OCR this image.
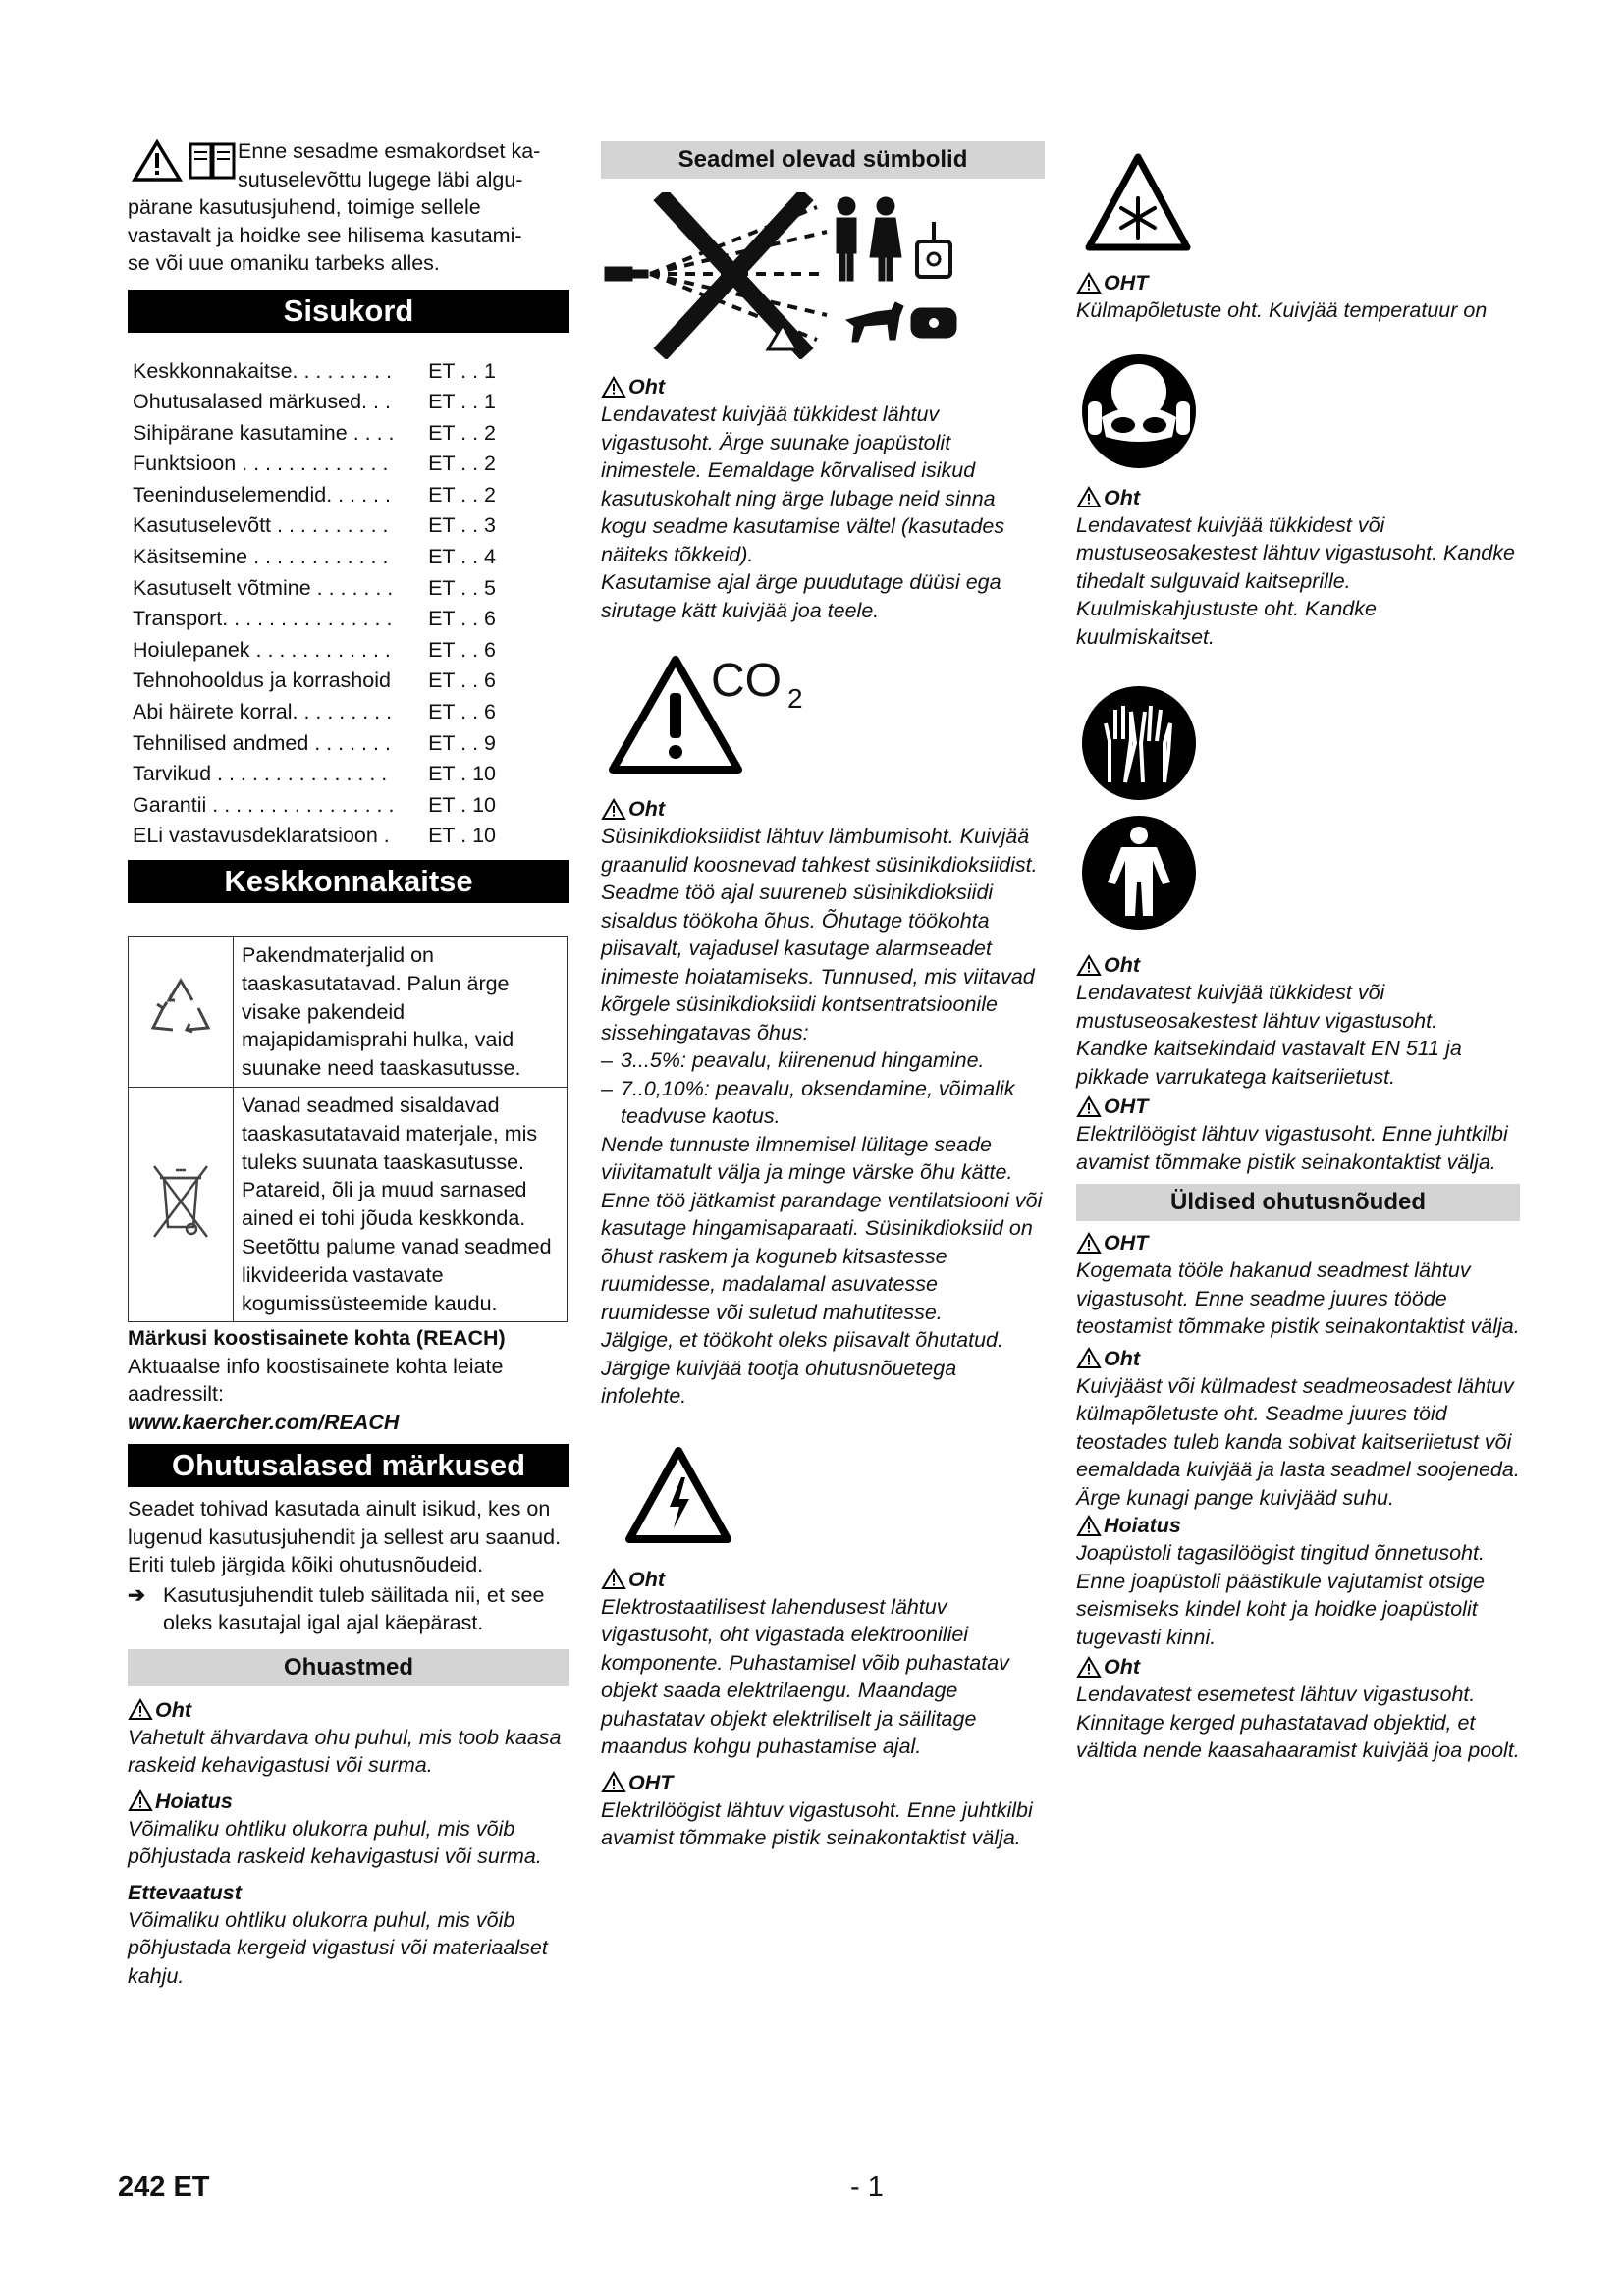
Enne sesadme esmakordset ka-

sutuselevõttu lugege läbi algu-

pärane kasutusjuhend, toimige sellele

vastavalt ja hoidke see hilisema kasutami-

se või uue omaniku tarbeks alles.

Sisukord
Keskkonnakaitse. . . . . . . . .	ET . . 1
Ohutusalased märkused. . .	ET . . 1
Sihipärane kasutamine . . . .	ET . . 2
Funktsioon . . . . . . . . . . . . .	ET . . 2
Teeninduselemendid. . . . . .	ET . . 2
Kasutuselevõtt . . . . . . . . . .	ET . . 3
Käsitsemine . . . . . . . . . . . .	ET . . 4
Kasutuselt võtmine . . . . . . .	ET . . 5
Transport. . . . . . . . . . . . . . .	ET . . 6
Hoiulepanek . . . . . . . . . . . .	ET . . 6
Tehnohooldus ja korrashoid	ET . . 6
Abi häirete korral. . . . . . . . .	ET . . 6
Tehnilised andmed . . . . . . .	ET . . 9
Tarvikud . . . . . . . . . . . . . . .	ET . 10
Garantii . . . . . . . . . . . . . . . .	ET . 10
ELi vastavusdeklaratsioon .	ET . 10
Keskkonnakaitse
	Pakendmaterjalid on taaskasutatavad. Palun ärge visake pakendeid majapidamisprahi hulka, vaid suunake need taaskasutusse.
	Vanad seadmed sisaldavad taaskasutatavaid materjale, mis tuleks suunata taaskasutusse. Patareid, õli ja muud sarnased ained ei tohi jõuda keskkonda. Seetõttu palume vanad seadmed likvideerida vastavate kogumissüsteemide kaudu.

Märkusi koostisainete kohta (REACH)

Aktuaalse info koostisainete kohta leiate aadressilt:

www.kaercher.com/REACH

Ohutusalased märkused

Seadet tohivad kasutada ainult isikud, kes on lugenud kasutusjuhendit ja sellest aru saanud. Eriti tuleb järgida kõiki ohutusnõudeid.

➔ Kasutusjuhendit tuleb säilitada nii, et see oleks kasutajal igal ajal käepärast.
Ohuastmed
Oht

Vahetult ähvardava ohu puhul, mis toob kaasa raskeid kehavigastusi või surma.

Hoiatus

Võimaliku ohtliku olukorra puhul, mis võib põhjustada raskeid kehavigastusi või surma.

Ettevaatust

Võimaliku ohtliku olukorra puhul, mis võib põhjustada kergeid vigastusi või materiaalset kahju.

Seadmel olevad sümbolid
Oht

Lendavatest kuivjää tükkidest lähtuv vigastusoht. Ärge suunake joapüstolit inimestele. Eemaldage kõrvalised isikud kasutuskohalt ning ärge lubage neid sinna kogu seadme kasutamise vältel (kasutades näiteks tõkkeid).

Kasutamise ajal ärge puudutage düüsi ega sirutage kätt kuivjää joa teele.

CO 2
Oht

Süsinikdioksiidist lähtuv lämbumisoht. Kuivjää graanulid koosnevad tahkest süsinikdioksiidist. Seadme töö ajal suureneb süsinikdioksiidi sisaldus töökoha õhus. Õhutage töökohta piisavalt, vajadusel kasutage alarmseadet inimeste hoiatamiseks. Tunnused, mis viitavad kõrgele süsinikdioksiidi kontsentratsioonile sissehingatavas õhus:

– 3...5%: peavalu, kiirenenud hingamine.
– 7..0,10%: peavalu, oksendamine, võimalik teadvuse kaotus.

Nende tunnuste ilmnemisel lülitage seade viivitamatult välja ja minge värske õhu kätte. Enne töö jätkamist parandage ventilatsiooni või kasutage hingamisaparaati. Süsinikdioksiid on õhust raskem ja koguneb kitsastesse ruumidesse, madalamal asuvatesse ruumidesse või suletud mahutitesse.

Jälgige, et töökoht oleks piisavalt õhutatud. Järgige kuivjää tootja ohutusnõuetega infolehte.

Oht

Elektrostaatilisest lahendusest lähtuv vigastusoht, oht vigastada elektrooniliei komponente. Puhastamisel võib puhastatav objekt saada elektrilaengu. Maandage puhastatav objekt elektriliselt ja säilitage maandus kohgu puhastamise ajal.

OHT

Elektrilöögist lähtuv vigastusoht. Enne juhtkilbi avamist tõmmake pistik seinakontaktist välja.

OHT

Külmapõletuste oht. Kuivjää temperatuur on

Oht

Lendavatest kuivjää tükkidest või mustuseosakestest lähtuv vigastusoht. Kandke tihedalt sulguvaid kaitseprille.

Kuulmiskahjustuste oht. Kandke kuulmiskaitset.

Oht

Lendavatest kuivjää tükkidest või mustuseosakestest lähtuv vigastusoht.

Kandke kaitsekindaid vastavalt EN 511 ja pikkade varrukatega kaitseriietust.

OHT

Elektrilöögist lähtuv vigastusoht. Enne juhtkilbi avamist tõmmake pistik seinakontaktist välja.

Üldised ohutusnõuded
OHT

Kogemata tööle hakanud seadmest lähtuv vigastusoht. Enne seadme juures tööde teostamist tõmmake pistik seinakontaktist välja.

Oht

Kuivjääst või külmadest seadmeosadest lähtuv külmapõletuste oht. Seadme juures töid teostades tuleb kanda sobivat kaitseriietust või eemaldada kuivjää ja lasta seadmel soojeneda.

Ärge kunagi pange kuivjääd suhu.

Hoiatus

Joapüstoli tagasilöögist tingitud õnnetusoht. Enne joapüstoli päästikule vajutamist otsige seismiseks kindel koht ja hoidke joapüstolit tugevasti kinni.

Oht

Lendavatest esemetest lähtuv vigastusoht. Kinnitage kerged puhastatavad objektid, et vältida nende kaasahaaramist kuivjää joa poolt.

242 ET	- 1
